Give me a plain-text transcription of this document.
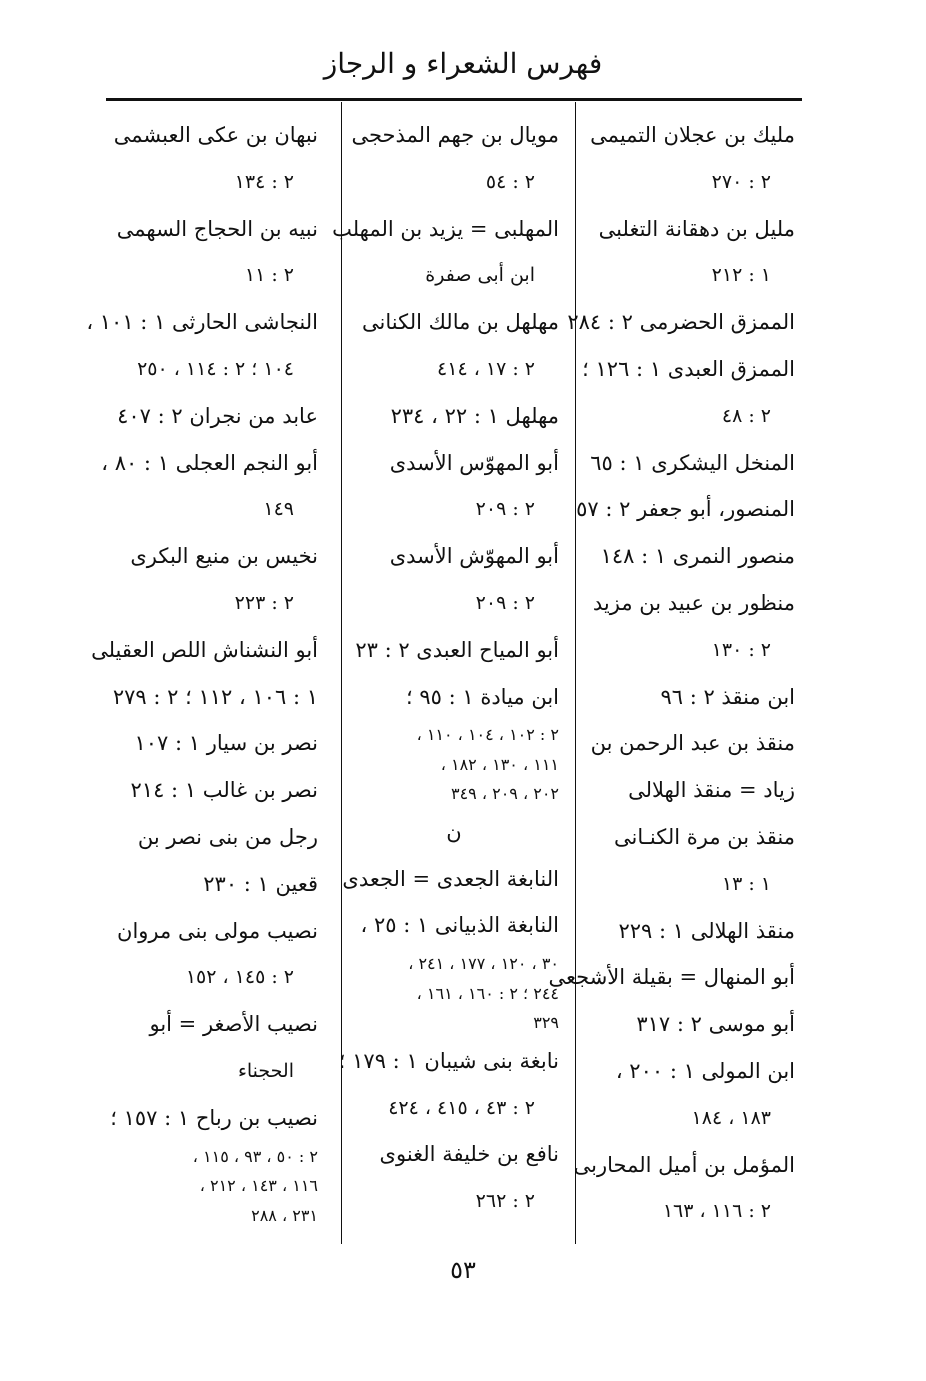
فهرس الشعراء و الرجاز
مليك بن عجلان التميمى
٢ : ٢٧٠
مليل بن دهقانة التغلبى
١ : ٢١٢
الممزق الحضرمى ٢ : ٢٨٤
الممزق العبدى ١ : ١٢٦ ؛
٢ : ٤٨
المنخل اليشكرى ١ : ٦٥
المنصور، أبو جعفر ٢ : ٥٧
منصور النمرى ١ : ١٤٨
منظور بن عبيد بن مزيد
٢ : ١٣٠
ابن منقذ ٢ : ٩٦
منقذ بن عبد الرحمن بن
زياد = منقذ الهلالى
منقذ بن مرة الكنـانى
١ : ١٣
منقذ الهلالى ١ : ٢٢٩
أبو المنهال = بقيلة الأشجعى
أبو موسى ٢ : ٣١٧
ابن المولى ١ : ٢٠٠ ،
١٨٣ ، ١٨٤
المؤمل بن أميل المحاربى
٢ : ١١٦ ، ١٦٣
مويال بن جهم المذحجى
٢ : ٥٤
المهلبى = يزيد بن المهلب
ابن أبى صفرة
مهلهل بن مالك الكنانى
٢ : ١٧ ، ٤١٤
مهلهل ١ : ٢٢ ، ٢٣٤
أبو المهوّس الأسدى
٢ : ٢٠٩
أبو المهوّش الأسدى
٢ : ٢٠٩
أبو المياح العبدى ٢ : ٢٣
ابن ميادة ١ : ٩٥ ؛
٢ : ١٠٢ ، ١٠٤ ، ١١٠ ،
١١١ ، ١٣٠ ، ١٨٢ ،
٢٠٢ ، ٢٠٩ ، ٣٤٩
ن
النابغة الجعدى = الجعدى
النابغة الذبيانى ١ : ٢٥ ،
٣٠ ، ١٢٠ ، ١٧٧ ، ٢٤١ ،
٢٤٤ ؛ ٢ : ١٦٠ ، ١٦١ ،
٣٢٩
نابغة بنى شيبان ١ : ١٧٩ ؛
٢ : ٤٣ ، ٤١٥ ، ٤٢٤
نافع بن خليفة الغنوى
٢ : ٢٦٢
نبهان بن عكى العبشمى
٢ : ١٣٤
نبيه بن الحجاج السهمى
٢ : ١١
النجاشى الحارثى ١ : ١٠١ ،
١٠٤ ؛ ٢ : ١١٤ ، ٢٥٠
عابد من نجران ٢ : ٤٠٧
أبو النجم العجلى ١ : ٨٠ ،
١٤٩
نخيس بن منيع البكرى
٢ : ٢٢٣
أبو النشناش اللص العقيلى
١ : ١٠٦ ، ١١٢ ؛ ٢ : ٢٧٩
نصر بن سيار ١ : ١٠٧
نصر بن غالب ١ : ٢١٤
رجل من بنى نصر بن
قعين ١ : ٢٣٠
نصيب مولى بنى مروان
٢ : ١٤٥ ، ١٥٢
نصيب الأصغر = أبو
الحجناء
نصيب بن رباح ١ : ١٥٧ ؛
٢ : ٥٠ ، ٩٣ ، ١١٥ ،
١١٦ ، ١٤٣ ، ٢١٢ ،
٢٣١ ، ٢٨٨
٥٣
